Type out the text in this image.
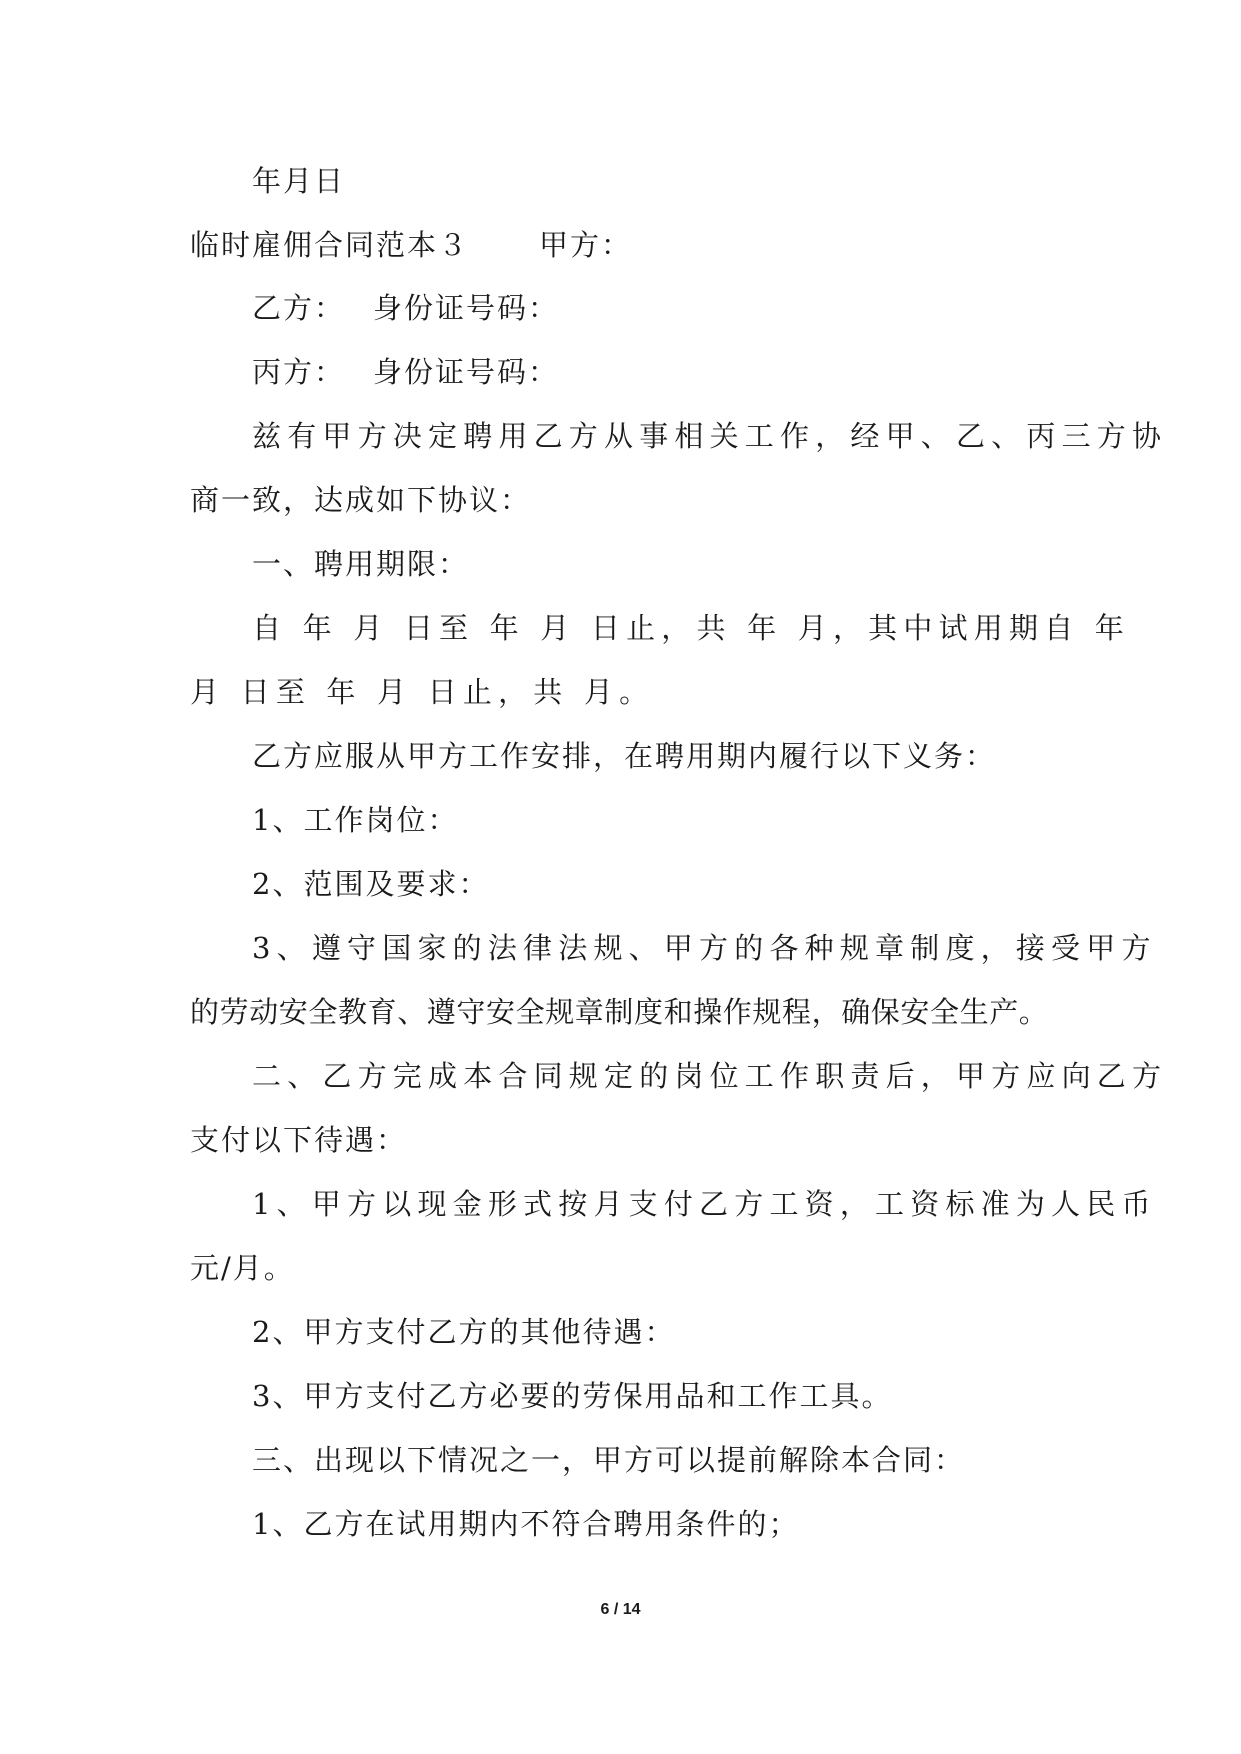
年月日
临时雇佣合同范本３ 甲方：
乙方： 身份证号码：
丙方： 身份证号码：
兹有甲方决定聘用乙方从事相关工作，经甲、乙、丙三方协
商一致，达成如下协议：
一、聘用期限：
自 年 月 日至 年 月 日止，共 年 月，其中试用期自 年
月 日至 年 月 日止，共 月。
乙方应服从甲方工作安排，在聘用期内履行以下义务：
1、工作岗位：
2、范围及要求：
3、遵守国家的法律法规、甲方的各种规章制度，接受甲方
的劳动安全教育、遵守安全规章制度和操作规程，确保安全生产。
二、乙方完成本合同规定的岗位工作职责后，甲方应向乙方
支付以下待遇：
1、甲方以现金形式按月支付乙方工资，工资标准为人民币
元/月。
2、甲方支付乙方的其他待遇：
3、甲方支付乙方必要的劳保用品和工作工具。
三、出现以下情况之一，甲方可以提前解除本合同：
1、乙方在试用期内不符合聘用条件的；
6 / 14
